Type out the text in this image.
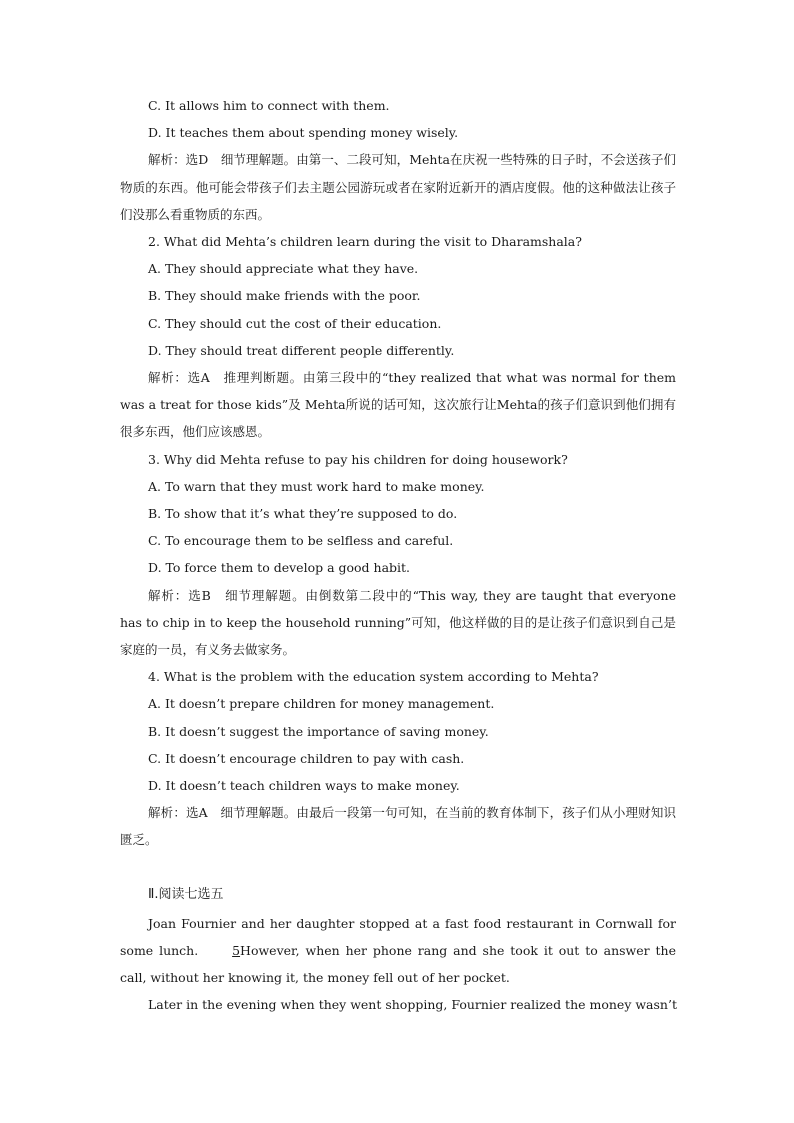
C. It allows him to connect with them.
D. It teaches them about spending money wisely.
解析：选D　细节理解题。由第一、二段可知，Mehta在庆祝一些特殊的日子时，不会送孩子们物质的东西。他可能会带孩子们去主题公园游玩或者在家附近新开的酒店度假。他的这种做法让孩子们没那么看重物质的东西。
2. What did Mehta’s children learn during the visit to Dharamshala?
A. They should appreciate what they have.
B. They should make friends with the poor.
C. They should cut the cost of their education.
D. They should treat different people differently.
解析：选A　推理判断题。由第三段中的“they realized that what was normal for them was a treat for those kids”及 Mehta所说的话可知，这次旅行让Mehta的孩子们意识到他们拥有很多东西，他们应该感恩。
3. Why did Mehta refuse to pay his children for doing housework?
A. To warn that they must work hard to make money.
B. To show that it’s what they’re supposed to do.
C. To encourage them to be selfless and careful.
D. To force them to develop a good habit.
解析：选B　细节理解题。由倒数第二段中的“This way, they are taught that everyone has to chip in to keep the household running”可知，他这样做的目的是让孩子们意识到自己是家庭的一员，有义务去做家务。
4. What is the problem with the education system according to Mehta?
A. It doesn’t prepare children for money management.
B. It doesn’t suggest the importance of saving money.
C. It doesn’t encourage children to pay with cash.
D. It doesn’t teach children ways to make money.
解析：选A　细节理解题。由最后一段第一句可知，在当前的教育体制下，孩子们从小理财知识匮乏。
Ⅱ.阅读七选五
Joan Fournier and her daughter stopped at a fast food restaurant in Cornwall for some lunch.	5However, when her phone rang and she took it out to answer the call, without her knowing it, the money fell out of her pocket.
Later in the evening when they went shopping, Fournier realized the money wasn’t
